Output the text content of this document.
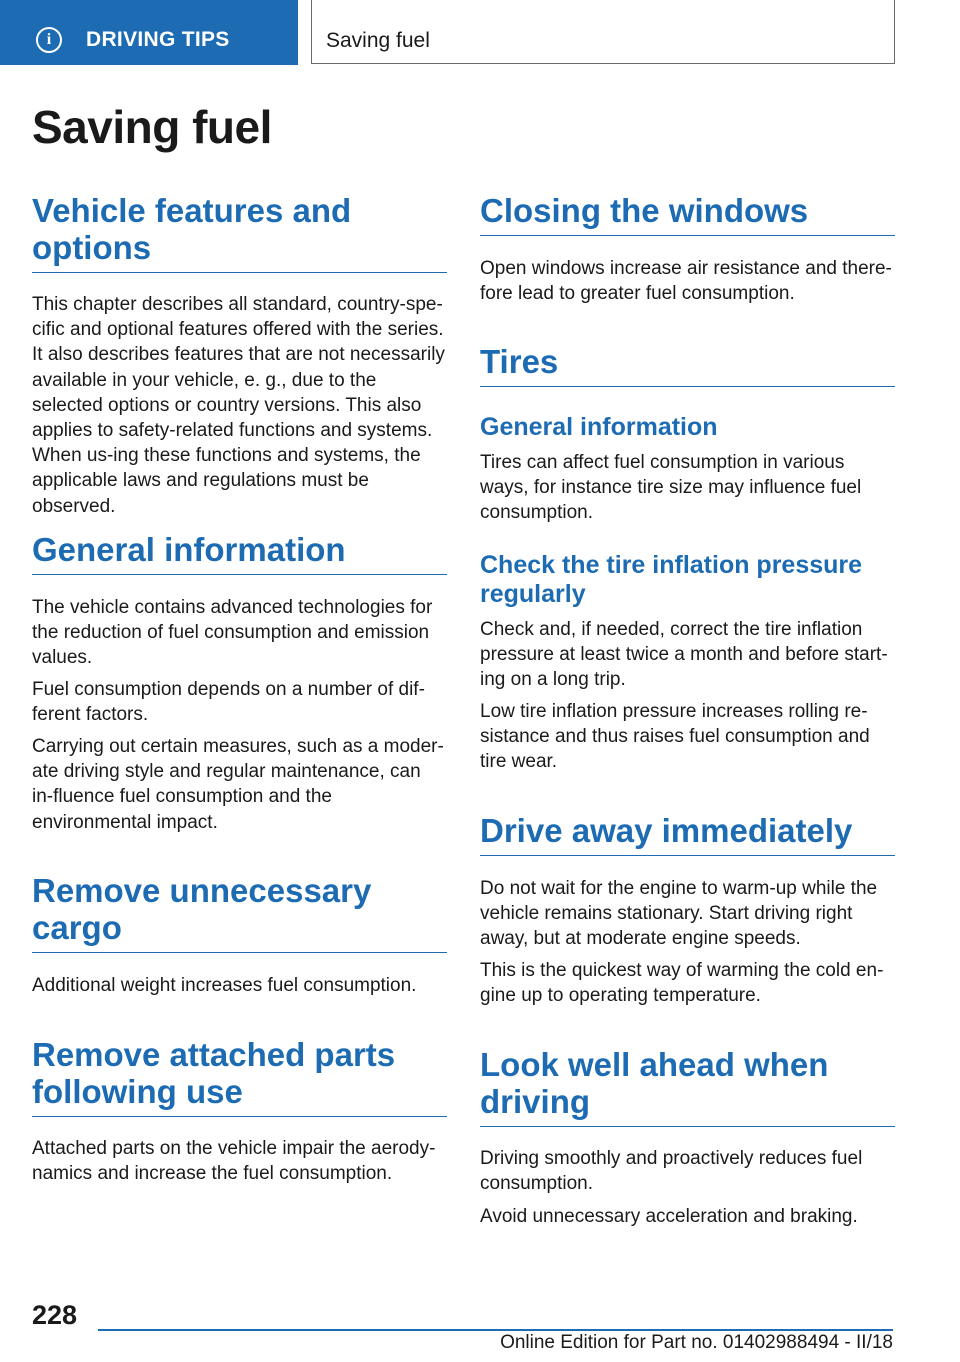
i	DRIVING TIPS	Saving fuel
Saving fuel
Vehicle features and options

This chapter describes all standard, country-spe‐cific and optional features offered with the series. It also describes features that are not necessarily available in your vehicle, e. g., due to the selected options or country versions. This also applies to safety-related functions and systems. When us‐ing these functions and systems, the applicable laws and regulations must be observed.

General information

The vehicle contains advanced technologies for the reduction of fuel consumption and emission values.

Fuel consumption depends on a number of dif‐ferent factors.

Carrying out certain measures, such as a moder‐ate driving style and regular maintenance, can in‐fluence fuel consumption and the environmental impact.

Remove unnecessary cargo

Additional weight increases fuel consumption.

Remove attached parts following use

Attached parts on the vehicle impair the aerody‐namics and increase the fuel consumption.

Closing the windows

Open windows increase air resistance and there‐fore lead to greater fuel consumption.

Tires
General information

Tires can affect fuel consumption in various ways, for instance tire size may influence fuel consumption.

Check the tire inflation pressure regularly

Check and, if needed, correct the tire inflation pressure at least twice a month and before start‐ing on a long trip.

Low tire inflation pressure increases rolling re‐sistance and thus raises fuel consumption and tire wear.

Drive away immediately

Do not wait for the engine to warm-up while the vehicle remains stationary. Start driving right away, but at moderate engine speeds.

This is the quickest way of warming the cold en‐gine up to operating temperature.

Look well ahead when driving

Driving smoothly and proactively reduces fuel consumption.

Avoid unnecessary acceleration and braking.

228
Online Edition for Part no. 01402988494 - II/18
